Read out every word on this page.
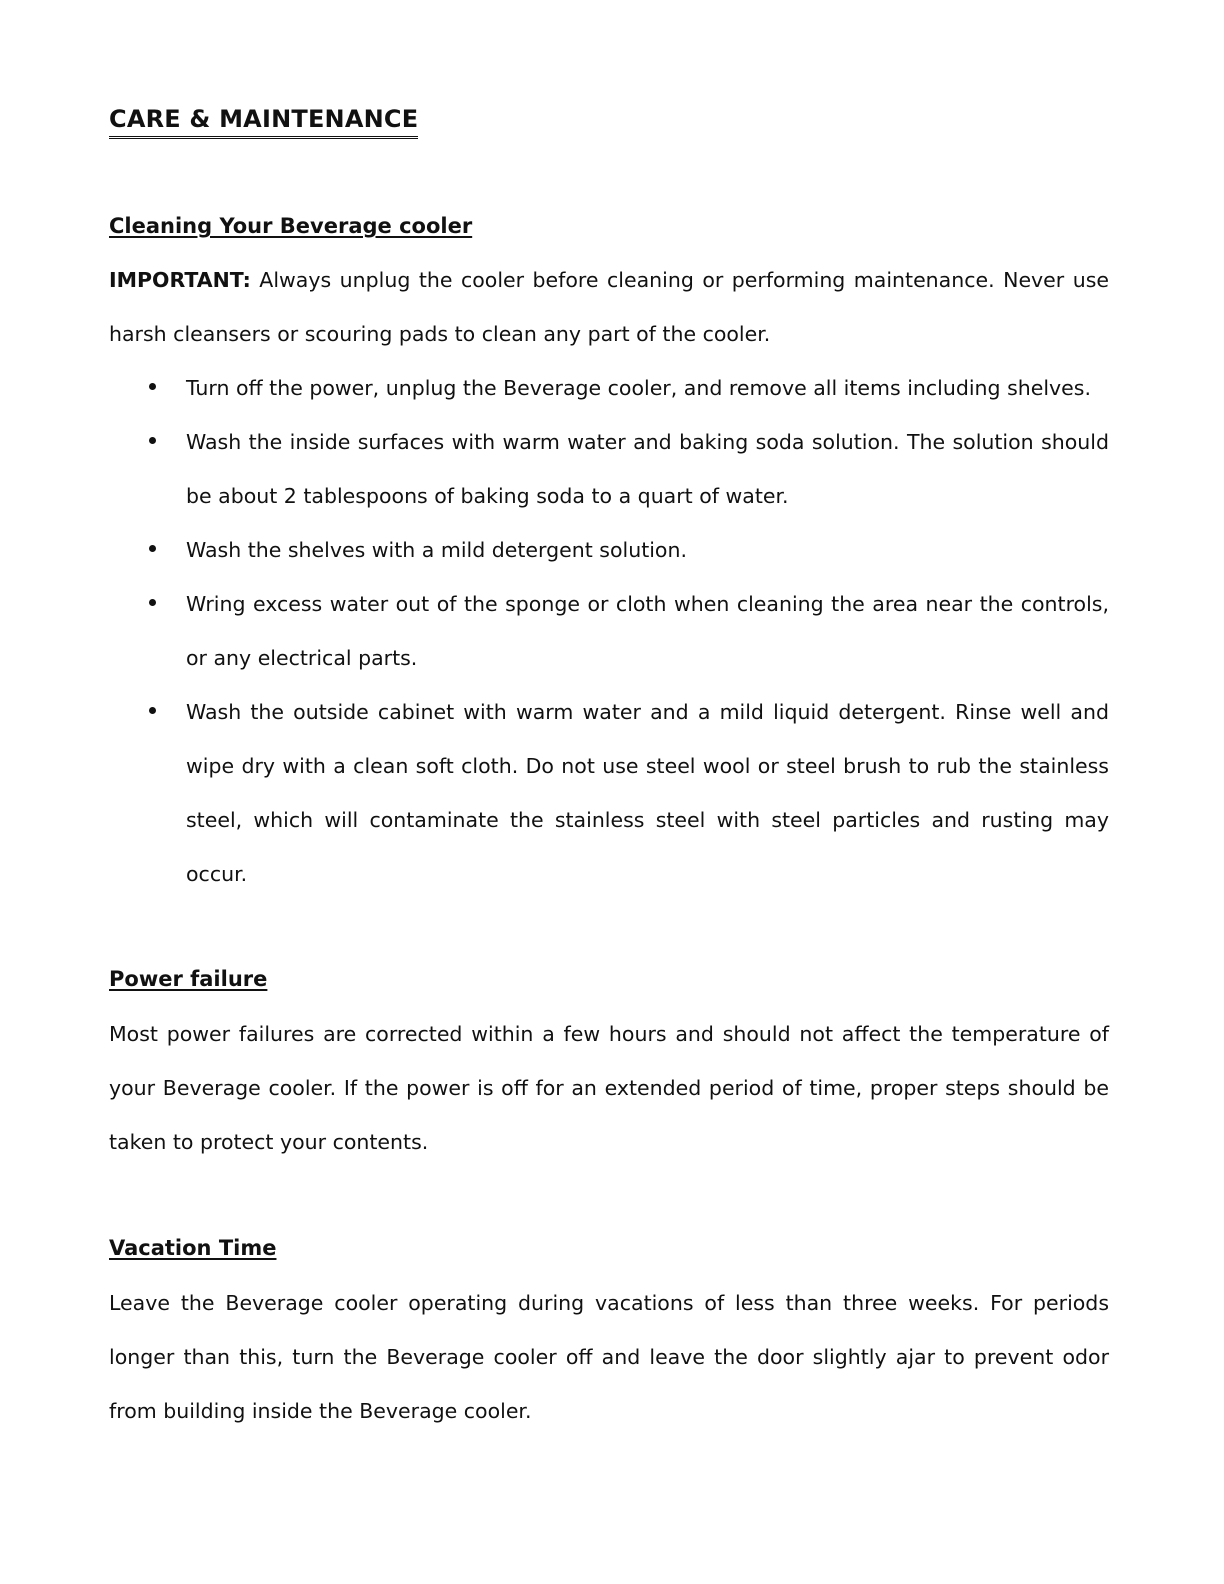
CARE & MAINTENANCE
Cleaning Your Beverage cooler

IMPORTANT: Always unplug the cooler before cleaning or performing maintenance. Never use harsh cleansers or scouring pads to clean any part of the cooler.

Turn off the power, unplug the Beverage cooler, and remove all items including shelves.
Wash the inside surfaces with warm water and baking soda solution. The solution should be about 2 tablespoons of baking soda to a quart of water.
Wash the shelves with a mild detergent solution.
Wring excess water out of the sponge or cloth when cleaning the area near the controls, or any electrical parts.
Wash the outside cabinet with warm water and a mild liquid detergent. Rinse well and wipe dry with a clean soft cloth. Do not use steel wool or steel brush to rub the stainless steel, which will contaminate the stainless steel with steel particles and rusting may occur.
Power failure

Most power failures are corrected within a few hours and should not affect the temperature of your Beverage cooler. If the power is off for an extended period of time, proper steps should be taken to protect your contents.

Vacation Time

Leave the Beverage cooler operating during vacations of less than three weeks. For periods longer than this, turn the Beverage cooler off and leave the door slightly ajar to prevent odor from building inside the Beverage cooler.
